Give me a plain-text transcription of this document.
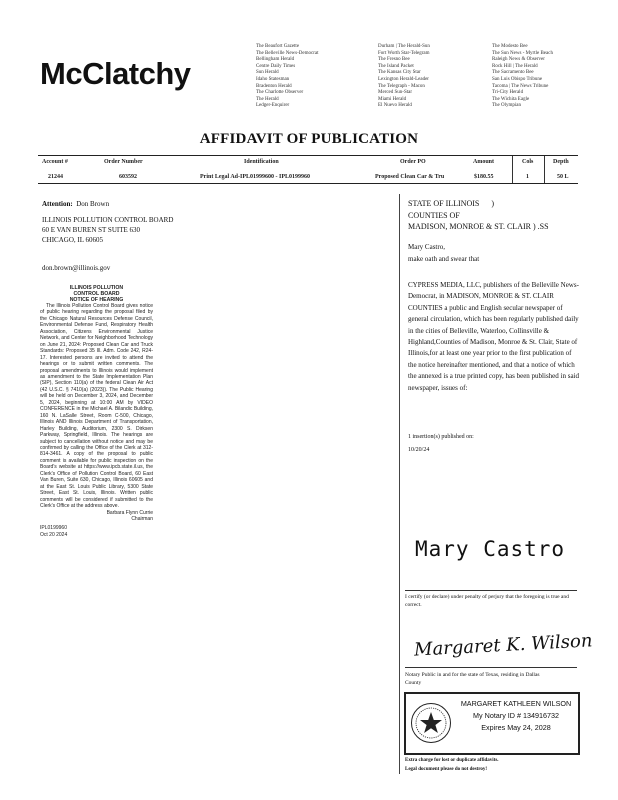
McClatchy
The Beaufort Gazette
The Belleville News-Democrat
Bellingham Herald
Centre Daily Times
Sun Herald
Idaho Statesman
Bradenton Herald
The Charlotte Observer
The Herald
Ledger-Enquirer
Durham | The Herald-Sun
Fort Worth Star-Telegram
The Fresno Bee
The Island Packet
The Kansas City Star
Lexington Herald-Leader
The Telegraph - Macon
Merced Sun-Star
Miami Herald
El Nuevo Herald
The Modesto Bee
The Sun News - Myrtle Beach
Raleigh News & Observer
Rock Hill | The Herald
The Sacramento Bee
San Luis Obispo Tribune
Tacoma | The News Tribune
Tri-City Herald
The Wichita Eagle
The Olympian
AFFIDAVIT OF PUBLICATION
Account #	Order Number	Identification	Order PO	Amount	Cols	Depth
21244	603592	Print Legal Ad-IPL01999600 - IPL0199960	Proposed Clean Car & Tru	$180.55	1	50 L
Attention: Don Brown
ILLINOIS POLLUTION CONTROL BOARD
60 E VAN BUREN ST SUITE 630
CHICAGO, IL 60605
don.brown@illinois.gov
ILLINOIS POLLUTION
CONTROL BOARD
NOTICE OF HEARING
The Illinois Pollution Control Board gives notice of public hearing regarding the proposal filed by the Chicago Natural Resources Defense Council, Environmental Defense Fund, Respiratory Health Association, Citizens Environmental Justice Network, and Center for Neighborhood Technology on June 21, 2024: Proposed Clean Car and Truck Standards: Proposed 35 Ill. Adm. Code 242, R24-17. Interested persons are invited to attend the hearings or to submit written comments. The proposal amendments to Illinois would implement as amendment to the State Implementation Plan (SIP), Section 110(a) of the federal Clean Air Act (42 U.S.C. § 7410(a) (2023)). The Public Hearing will be held on December 3, 2024, and December 5, 2024, beginning at 10:00 AM by VIDEO CONFERENCE in the Michael A. Bilandic Building, 160 N. LaSalle Street, Room C-500, Chicago, Illinois AND Illinois Department of Transportation, Harley Building, Auditorium, 2300 S. Dirksen Parkway, Springfield, Illinois. The hearings are subject to cancellation without notice and may be confirmed by calling the Office of the Clerk at 312-814-3461. A copy of the proposal to public comment is available for public inspection on the Board's website at https://www.ipcb.state.il.us, the Clerk's Office of Pollution Control Board, 60 East Van Buren, Suite 630, Chicago, Illinois 60605 and at the East St. Louis Public Library, 5300 State Street, East St. Louis, Illinois. Written public comments will be considered if submitted to the Clerk's Office at the address above.
Barbara Flynn Currie
Chairman
IPL0199960
Oct 20 2024
STATE OF ILLINOIS )
COUNTIES OF
MADISON, MONROE & ST. CLAIR ) .SS
Mary Castro,
make oath and swear that
CYPRESS MEDIA, LLC, publishers of the Belleville News-Democrat, in MADISON, MONROE & ST. CLAIR COUNTIES a public and English secular newspaper of general circulation, which has been regularly published daily in the cities of Belleville, Waterloo, Collinsville & Highland,Counties of Madison, Monroe & St. Clair, State of Illinois,for at least one year prior to the first publication of the notice hereinafter mentioned, and that a notice of which the annexed is a true printed copy, has been published in said newspaper, issues of:
1 insertion(s) published on:
10/20/24
Mary Castro
I certify (or declare) under penalty of perjury that the foregoing is true and correct.
Margaret K. Wilson
Notary Public in and for the state of Texas, residing in Dallas County
MARGARET KATHLEEN WILSON
My Notary ID # 134916732
Expires May 24, 2028
Extra charge for lost or duplicate affidavits.
Legal document please do not destroy!
